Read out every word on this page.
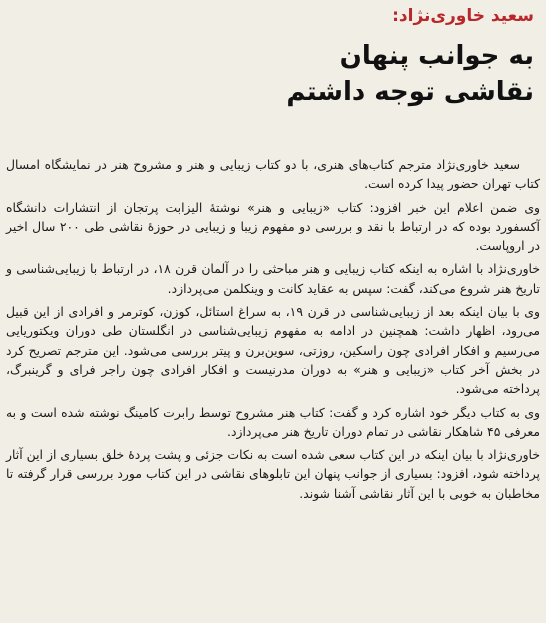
سعید خاوری‌نژاد:
به جوانب پنهان
نقاشی توجه داشتم

سعید خاوری‌نژاد مترجم کتاب‌های هنری، با دو کتاب زیبایی و هنر و مشروح هنر در نمایشگاه امسال کتاب تهران حضور پیدا کرده است.

وی ضمن اعلام این خبر افزود: کتاب «زیبایی و هنر» نوشتهٔ الیزابت پرتجان از انتشارات دانشگاه آکسفورد بوده که در ارتباط با نقد و بررسی دو مفهوم زیبا و زیبایی در حوزهٔ نقاشی طی ۲۰۰ سال اخیر در اروپاست.

خاوری‌نژاد با اشاره به اینکه کتاب زیبایی و هنر مباحثی را در آلمان قرن ۱۸، در ارتباط با زیبایی‌شناسی و تاریخ هنر شروع می‌کند، گفت: سپس به عقاید کانت و وینکلمن می‌پردازد.

وی با بیان اینکه بعد از زیبایی‌شناسی در قرن ۱۹، به سراغ استائل، کوزن، کوترمر و افرادی از این قبیل می‌رود، اظهار داشت: همچنین در ادامه به مفهوم زیبایی‌شناسی در انگلستان طی دوران ویکتوریایی می‌رسیم و افکار افرادی چون راسکین، روزتی، سوین‌برن و پیتر بررسی می‌شود. این مترجم تصریح کرد در بخش آخر کتاب «زیبایی و هنر» به دوران مدرنیست و افکار افرادی چون راجر فرای و گرینبرگ، پرداخته می‌شود.

وی به کتاب دیگر خود اشاره کرد و گفت: کتاب هنر مشروح توسط رابرت کامینگ نوشته شده است و به معرفی ۴۵ شاهکار نقاشی در تمام دوران تاریخ هنر می‌پردازد.

خاوری‌نژاد با بیان اینکه در این کتاب سعی شده است به نکات جزئی و پشت پردهٔ خلق بسیاری از این آثار پرداخته شود، افزود: بسیاری از جوانب پنهان این تابلوهای نقاشی در این کتاب مورد بررسی قرار گرفته تا مخاطبان به خوبی با این آثار نقاشی آشنا شوند.
